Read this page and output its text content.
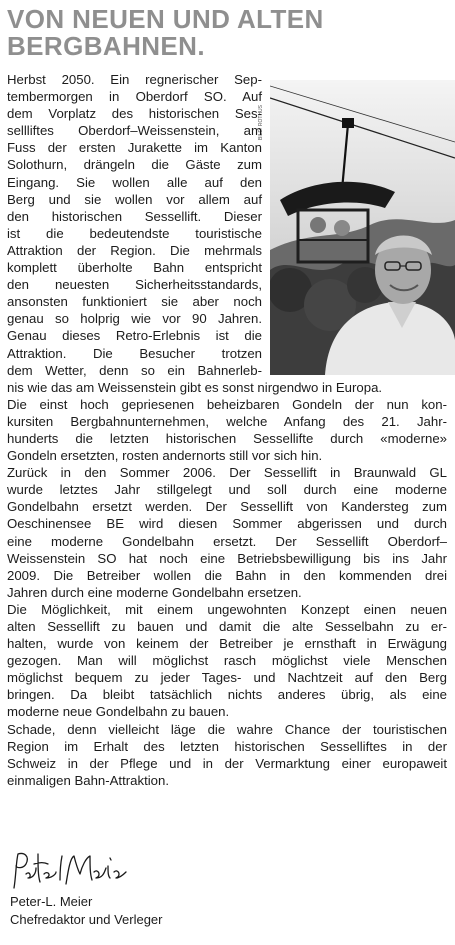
VON NEUEN UND ALTEN
BERGBAHNEN.
BILD: ROTHUS
Herbst 2050. Ein regnerischer Sep-
tembermorgen in Oberdorf SO. Auf
dem Vorplatz des historischen Ses-
sellliftes Oberdorf–Weissenstein, am
Fuss der ersten Jurakette im Kanton
Solothurn, drängeln die Gäste zum
Eingang. Sie wollen alle auf den
Berg und sie wollen vor allem auf
den historischen Sessellift. Dieser
ist die bedeutendste touristische
Attraktion der Region. Die mehrmals
komplett überholte Bahn entspricht
den neuesten Sicherheitsstandards,
ansonsten funktioniert sie aber noch
genau so holprig wie vor 90 Jahren.
Genau dieses Retro-Erlebnis ist die
Attraktion. Die Besucher trotzen
dem Wetter, denn so ein Bahnerleb-
nis wie das am Weissenstein gibt es sonst nirgendwo in Europa.
Die einst hoch gepriesenen beheizbaren Gondeln der nun kon-
kursiten Bergbahnunternehmen, welche Anfang des 21. Jahr-
hunderts die letzten historischen Sessellifte durch «moderne»
Gondeln ersetzten, rosten andernorts still vor sich hin.
Zurück in den Sommer 2006. Der Sessellift in Braunwald GL
wurde letztes Jahr stillgelegt und soll durch eine moderne
Gondelbahn ersetzt werden. Der Sessellift von Kandersteg zum
Oeschinensee BE wird diesen Sommer abgerissen und durch
eine moderne Gondelbahn ersetzt. Der Sessellift Oberdorf–
Weissenstein SO hat noch eine Betriebsbewilligung bis ins Jahr
2009. Die Betreiber wollen die Bahn in den kommenden drei
Jahren durch eine moderne Gondelbahn ersetzen.
Die Möglichkeit, mit einem ungewohnten Konzept einen neuen
alten Sessellift zu bauen und damit die alte Sesselbahn zu er-
halten, wurde von keinem der Betreiber je ernsthaft in Erwägung
gezogen. Man will möglichst rasch möglichst viele Menschen
möglichst bequem zu jeder Tages- und Nachtzeit auf den Berg
bringen. Da bleibt tatsächlich nichts anderes übrig, als eine
moderne neue Gondelbahn zu bauen.
Schade, denn vielleicht läge die wahre Chance der touristischen
Region im Erhalt des letzten historischen Sesselliftes in der
Schweiz in der Pflege und in der Vermarktung einer europaweit
einmaligen Bahn-Attraktion.
Peter-L. Meier
Chefredaktor und Verleger
